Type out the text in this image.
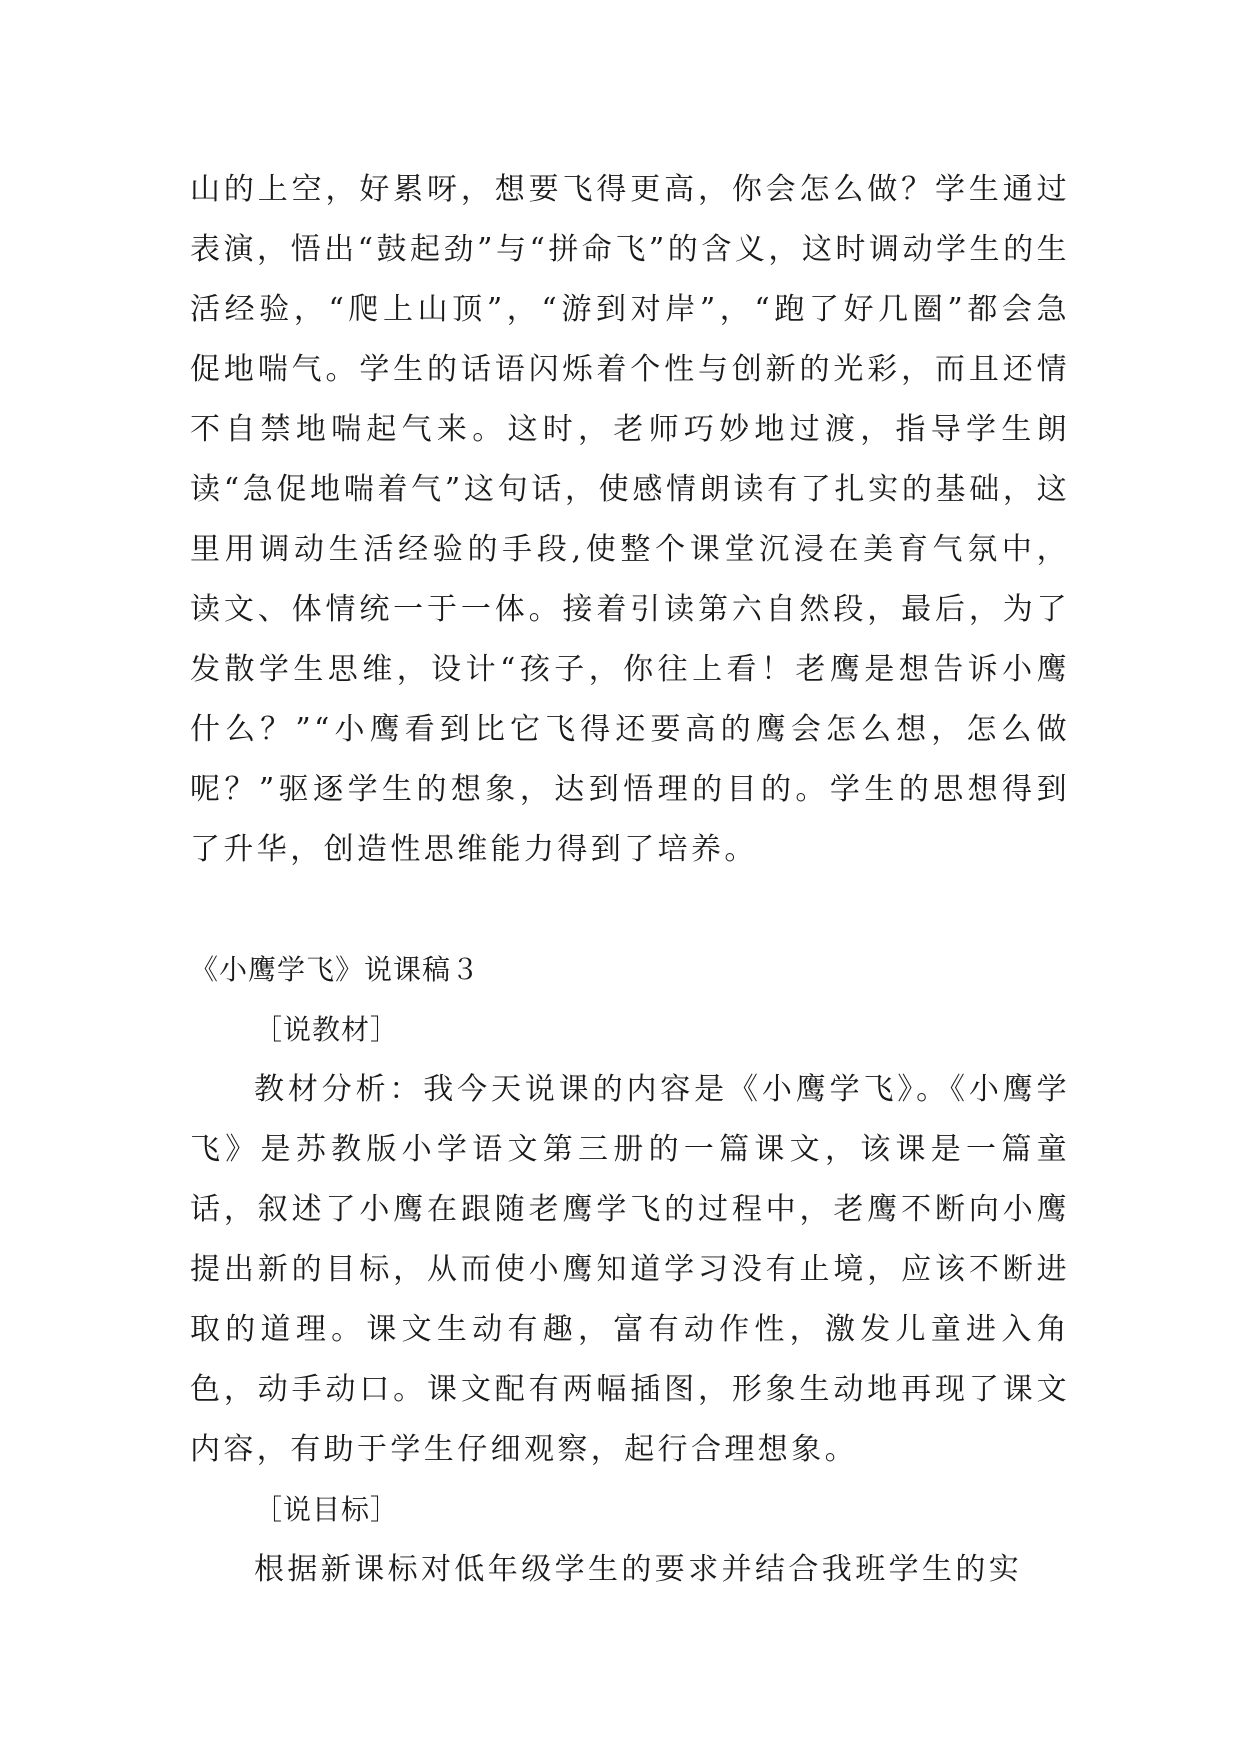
山的上空，好累呀，想要飞得更高，你会怎么做？学生通过表演，悟出“鼓起劲”与“拼命飞”的含义，这时调动学生的生活经验，“爬上山顶”，“游到对岸”，“跑了好几圈”都会急促地喘气。学生的话语闪烁着个性与创新的光彩，而且还情不自禁地喘起气来。这时，老师巧妙地过渡，指导学生朗读“急促地喘着气”这句话，使感情朗读有了扎实的基础，这里用调动生活经验的手段,使整个课堂沉浸在美育气氛中，读文、体情统一于一体。接着引读第六自然段，最后，为了发散学生思维，设计“孩子，你往上看！老鹰是想告诉小鹰什么？”“小鹰看到比它飞得还要高的鹰会怎么想，怎么做呢？”驱逐学生的想象，达到悟理的目的。学生的思想得到了升华，创造性思维能力得到了培养。

《小鹰学飞》说课稿３

［说教材］

教材分析：我今天说课的内容是《小鹰学飞》。《小鹰学飞》是苏教版小学语文第三册的一篇课文，该课是一篇童话，叙述了小鹰在跟随老鹰学飞的过程中，老鹰不断向小鹰提出新的目标，从而使小鹰知道学习没有止境，应该不断进取的道理。课文生动有趣，富有动作性，激发儿童进入角色，动手动口。课文配有两幅插图，形象生动地再现了课文内容，有助于学生仔细观察，起行合理想象。

［说目标］

根据新课标对低年级学生的要求并结合我班学生的实
